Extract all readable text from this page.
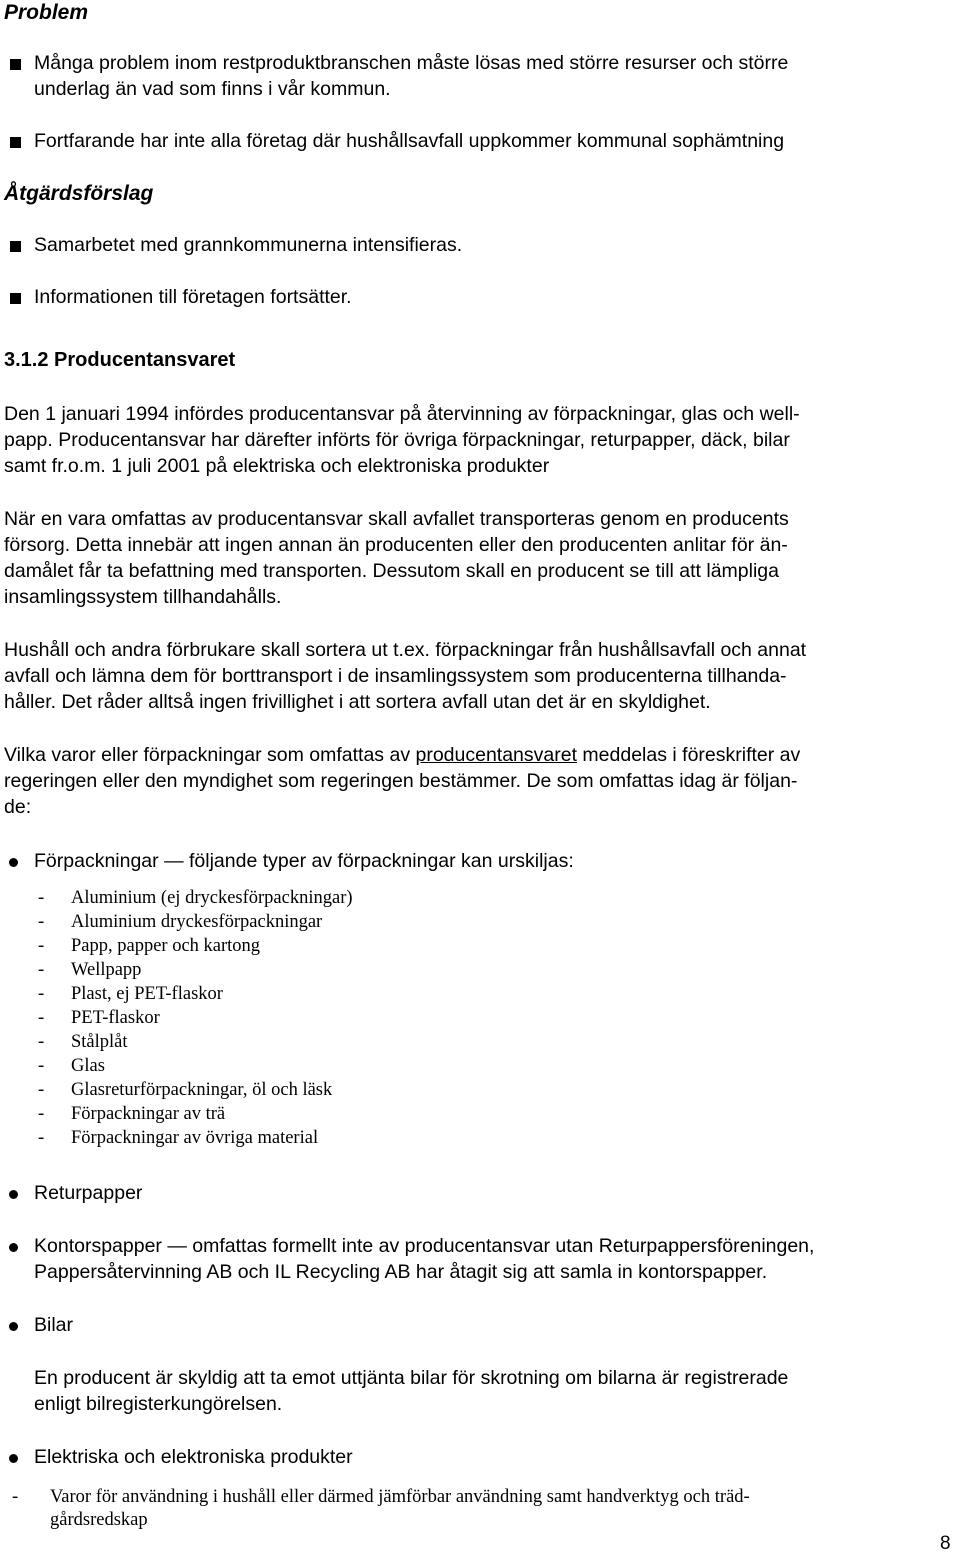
Problem
Många problem inom restproduktbranschen måste lösas med större resurser och större
underlag än vad som finns i vår kommun.
Fortfarande har inte alla företag där hushållsavfall uppkommer kommunal sophämtning
Åtgärdsförslag
Samarbetet med grannkommunerna intensifieras.
Informationen till företagen fortsätter.
3.1.2 Producentansvaret
Den 1 januari 1994 infördes producentansvar på återvinning av förpackningar, glas och well-
papp. Producentansvar har därefter införts för övriga förpackningar, returpapper, däck, bilar
samt fr.o.m. 1 juli 2001 på elektriska och elektroniska produkter
När en vara omfattas av producentansvar skall avfallet transporteras genom en producents
försorg. Detta innebär att ingen annan än producenten eller den producenten anlitar för än-
damålet får ta befattning med transporten. Dessutom skall en producent se till att lämpliga
insamlingssystem tillhandahålls.
Hushåll och andra förbrukare skall sortera ut t.ex. förpackningar från hushållsavfall och annat
avfall och lämna dem för borttransport i de insamlingssystem som producenterna tillhanda-
håller. Det råder alltså ingen frivillighet i att sortera avfall utan det är en skyldighet.
Vilka varor eller förpackningar som omfattas av producentansvaret meddelas i föreskrifter av
regeringen eller den myndighet som regeringen bestämmer. De som omfattas idag är följan-
de:
Förpackningar — följande typer av förpackningar kan urskiljas:
- Aluminium (ej dryckesförpackningar)
- Aluminium dryckesförpackningar
- Papp, papper och kartong
- Wellpapp
- Plast, ej PET-flaskor
- PET-flaskor
- Stålplåt
- Glas
- Glasreturförpackningar, öl och läsk
- Förpackningar av trä
- Förpackningar av övriga material
Returpapper
Kontorspapper — omfattas formellt inte av producentansvar utan Returpappersföreningen,
Pappersåtervinning AB och IL Recycling AB har åtagit sig att samla in kontorspapper.
Bilar
En producent är skyldig att ta emot uttjänta bilar för skrotning om bilarna är registrerade
enligt bilregisterkungörelsen.
Elektriska och elektroniska produkter
- Varor för användning i hushåll eller därmed jämförbar användning samt handverktyg och träd-
gårdsredskap
8
